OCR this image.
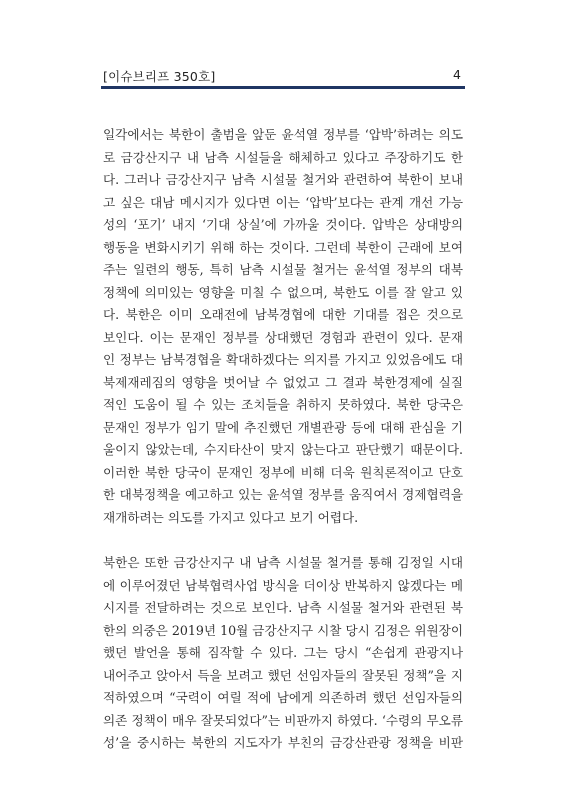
[이슈브리프 350호]	4
일각에서는 북한이 출범을 앞둔 윤석열 정부를 ‘압박’하려는 의도
로 금강산지구 내 남측 시설들을 해체하고 있다고 주장하기도 한
다. 그러나 금강산지구 남측 시설물 철거와 관련하여 북한이 보내
고 싶은 대남 메시지가 있다면 이는 ‘압박’보다는 관계 개선 가능
성의 ‘포기’ 내지 ‘기대 상실’에 가까울 것이다. 압박은 상대방의
행동을 변화시키기 위해 하는 것이다. 그런데 북한이 근래에 보여
주는 일련의 행동, 특히 남측 시설물 철거는 윤석열 정부의 대북
정책에 의미있는 영향을 미칠 수 없으며, 북한도 이를 잘 알고 있
다. 북한은 이미 오래전에 남북경협에 대한 기대를 접은 것으로
보인다. 이는 문재인 정부를 상대했던 경험과 관련이 있다. 문재
인 정부는 남북경협을 확대하겠다는 의지를 가지고 있었음에도 대
북제재레짐의 영향을 벗어날 수 없었고 그 결과 북한경제에 실질
적인 도움이 될 수 있는 조치들을 취하지 못하였다. 북한 당국은
문재인 정부가 임기 말에 추진했던 개별관광 등에 대해 관심을 기
울이지 않았는데, 수지타산이 맞지 않는다고 판단했기 때문이다.
이러한 북한 당국이 문재인 정부에 비해 더욱 원칙론적이고 단호
한 대북정책을 예고하고 있는 윤석열 정부를 움직여서 경제협력을
재개하려는 의도를 가지고 있다고 보기 어렵다.
북한은 또한 금강산지구 내 남측 시설물 철거를 통해 김정일 시대
에 이루어졌던 남북협력사업 방식을 더이상 반복하지 않겠다는 메
시지를 전달하려는 것으로 보인다. 남측 시설물 철거와 관련된 북
한의 의중은 2019년 10월 금강산지구 시찰 당시 김정은 위원장이
했던 발언을 통해 짐작할 수 있다. 그는 당시 “손쉽게 관광지나
내어주고 앉아서 득을 보려고 했던 선임자들의 잘못된 정책”을 지
적하였으며 “국력이 여릴 적에 남에게 의존하려 했던 선임자들의
의존 정책이 매우 잘못되었다”는 비판까지 하였다. ‘수령의 무오류
성’을 중시하는 북한의 지도자가 부친의 금강산관광 정책을 비판
